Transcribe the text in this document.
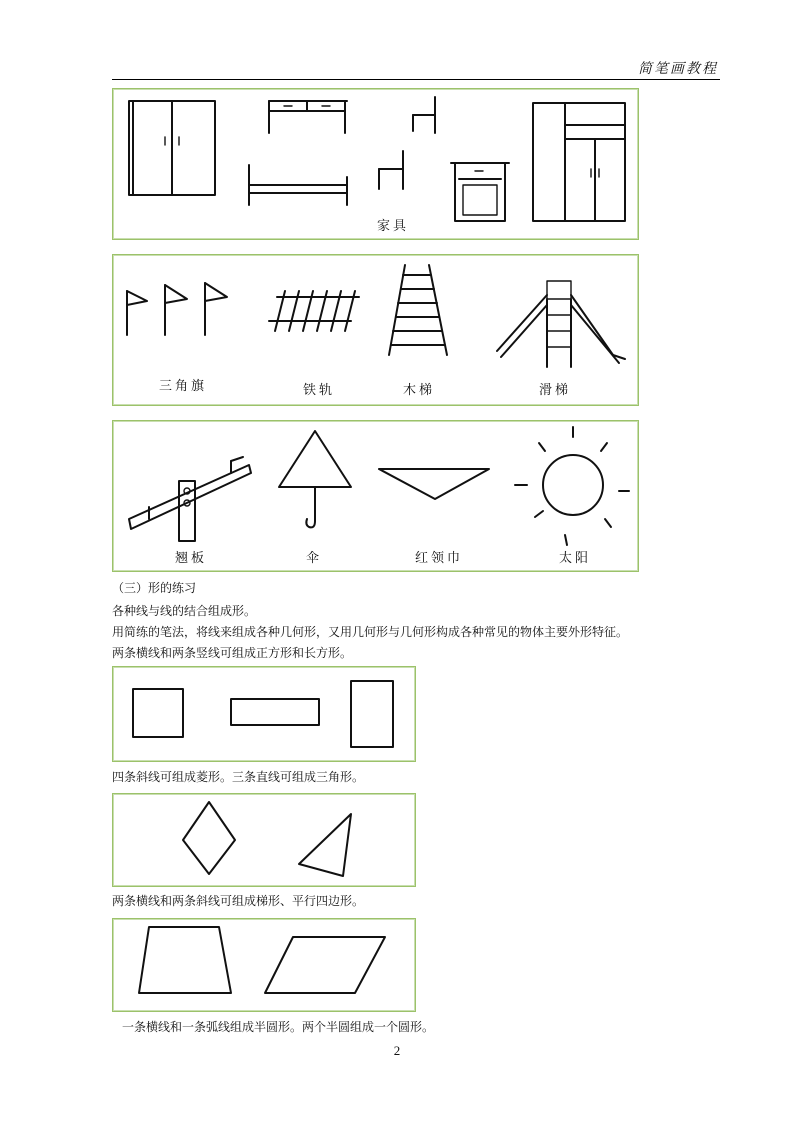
简笔画教程
家具
三角旗	铁轨	木梯	滑梯
翘板	伞	红领巾	太阳
（三）形的练习
各种线与线的结合组成形。
用简练的笔法，将线来组成各种几何形，又用几何形与几何形构成各种常见的物体主要外形特征。
两条横线和两条竖线可组成正方形和长方形。
四条斜线可组成菱形。三条直线可组成三角形。
两条横线和两条斜线可组成梯形、平行四边形。
一条横线和一条弧线组成半圆形。两个半圆组成一个圆形。
2
